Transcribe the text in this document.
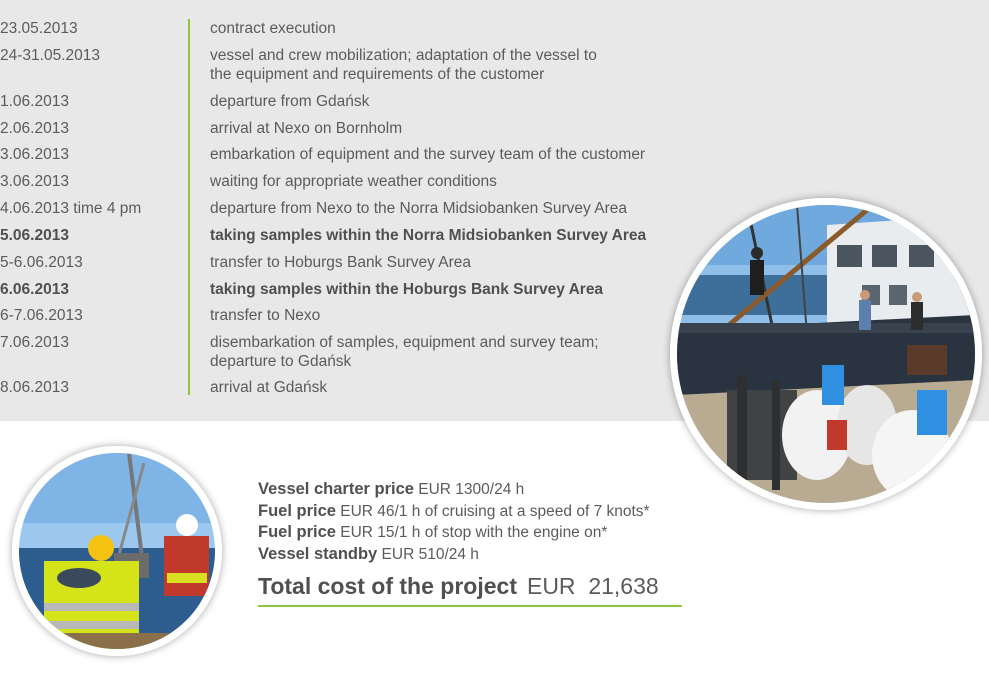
23.05.2013	contract execution
24-31.05.2013	vessel and crew mobilization; adaptation of the vessel to
the equipment and requirements of the customer
1.06.2013	departure from Gdańsk
2.06.2013	arrival at Nexo on Bornholm
3.06.2013	embarkation of equipment and the survey team of the customer
3.06.2013	waiting for appropriate weather conditions
4.06.2013 time 4 pm	departure from Nexo to the Norra Midsiobanken Survey Area
5.06.2013	taking samples within the Norra Midsiobanken Survey Area
5-6.06.2013	transfer to Hoburgs Bank Survey Area
6.06.2013	taking samples within the Hoburgs Bank Survey Area
6-7.06.2013	transfer to Nexo
7.06.2013	disembarkation of samples, equipment and survey team;
departure to Gdańsk
8.06.2013	arrival at Gdańsk
Vessel charter price EUR 1300/24 h
Fuel price EUR 46/1 h of cruising at a speed of 7 knots*
Fuel price EUR 15/1 h of stop with the engine on*
Vessel standby EUR 510/24 h
Total cost of the project EUR  21,638
